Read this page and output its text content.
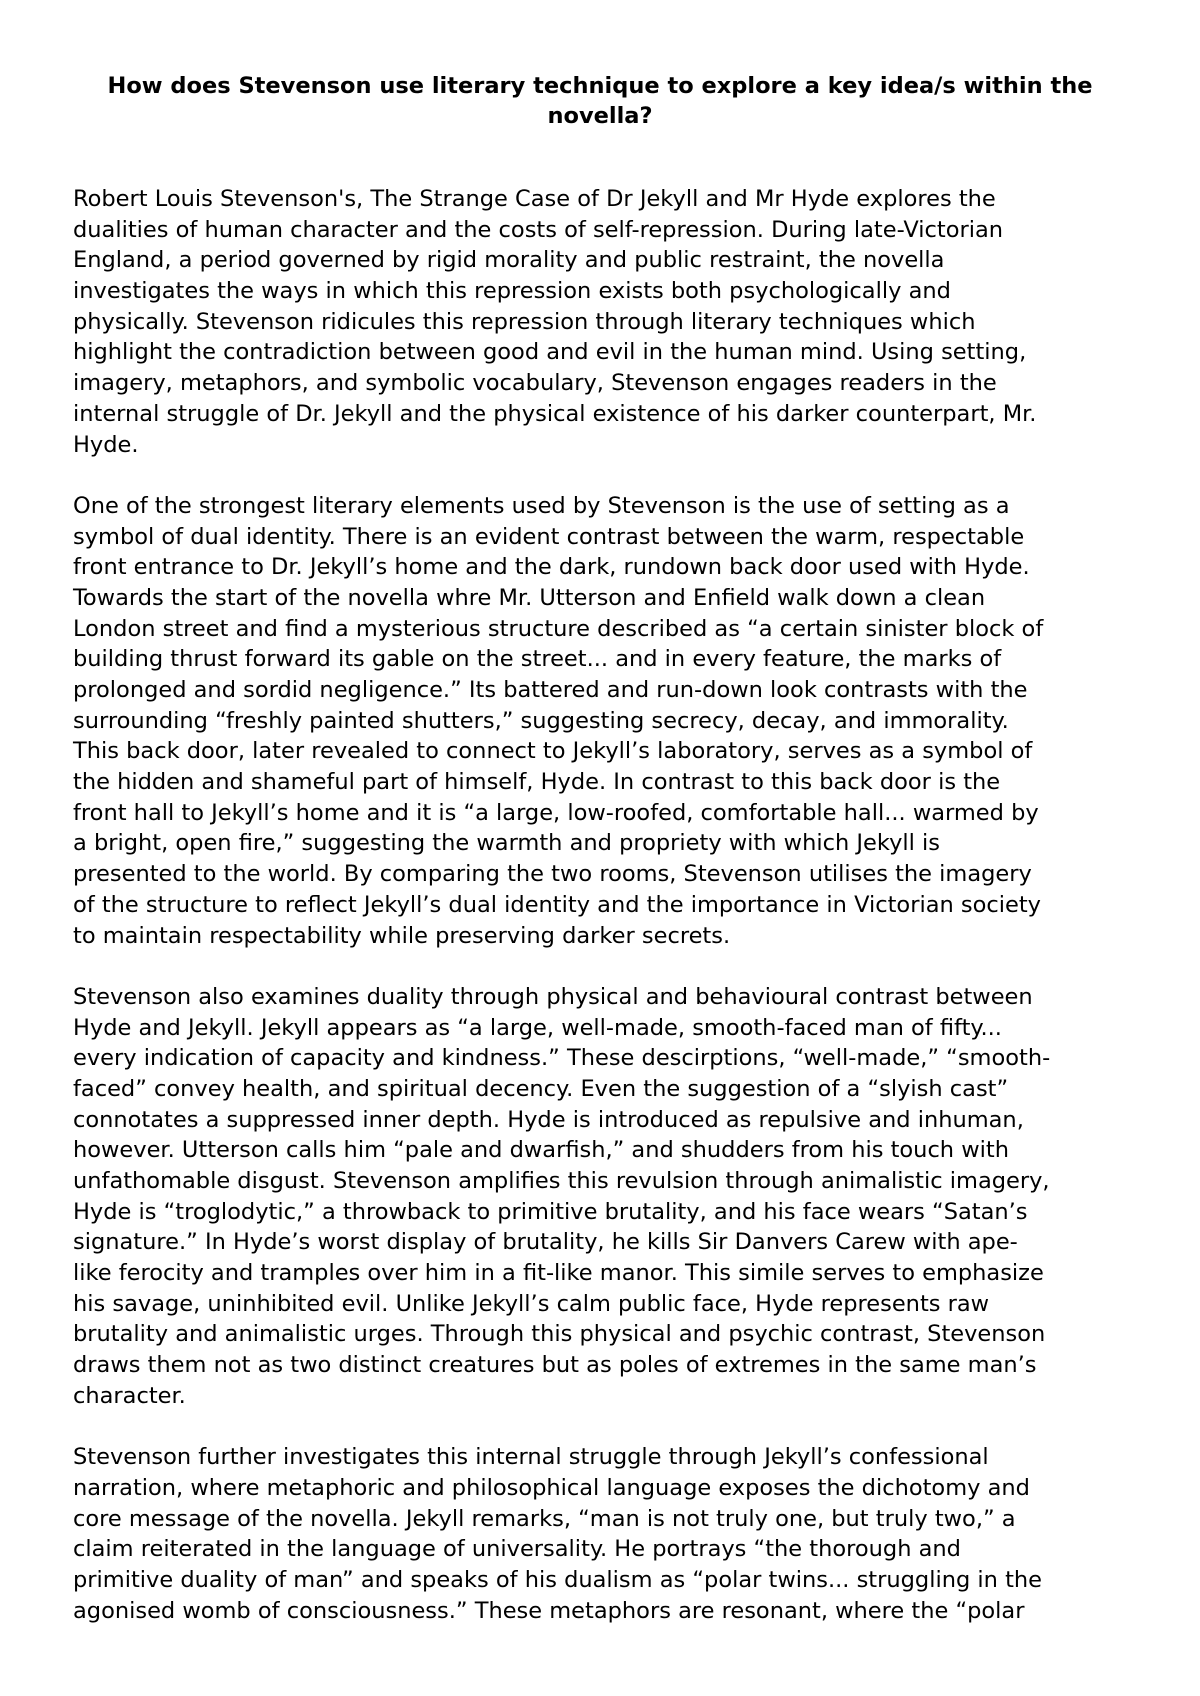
How does Stevenson use literary technique to explore a key idea/s within the novella?

Robert Louis Stevenson's, The Strange Case of Dr Jekyll and Mr Hyde explores the
dualities of human character and the costs of self-repression. During late-Victorian
England, a period governed by rigid morality and public restraint, the novella
investigates the ways in which this repression exists both psychologically and
physically. Stevenson ridicules this repression through literary techniques which
highlight the contradiction between good and evil in the human mind. Using setting,
imagery, metaphors, and symbolic vocabulary, Stevenson engages readers in the
internal struggle of Dr. Jekyll and the physical existence of his darker counterpart, Mr.
Hyde.

One of the strongest literary elements used by Stevenson is the use of setting as a
symbol of dual identity. There is an evident contrast between the warm, respectable
front entrance to Dr. Jekyll’s home and the dark, rundown back door used with Hyde.
Towards the start of the novella whre Mr. Utterson and Enfield walk down a clean
London street and find a mysterious structure described as “a certain sinister block of
building thrust forward its gable on the street... and in every feature, the marks of
prolonged and sordid negligence.” Its battered and run-down look contrasts with the
surrounding “freshly painted shutters,” suggesting secrecy, decay, and immorality.
This back door, later revealed to connect to Jekyll’s laboratory, serves as a symbol of
the hidden and shameful part of himself, Hyde. In contrast to this back door is the
front hall to Jekyll’s home and it is “a large, low-roofed, comfortable hall... warmed by
a bright, open fire,” suggesting the warmth and propriety with which Jekyll is
presented to the world. By comparing the two rooms, Stevenson utilises the imagery
of the structure to reflect Jekyll’s dual identity and the importance in Victorian society
to maintain respectability while preserving darker secrets.

Stevenson also examines duality through physical and behavioural contrast between
Hyde and Jekyll. Jekyll appears as “a large, well-made, smooth-faced man of fifty...
every indication of capacity and kindness.” These descirptions, “well-made,” “smooth-
faced” convey health, and spiritual decency. Even the suggestion of a “slyish cast”
connotates a suppressed inner depth. Hyde is introduced as repulsive and inhuman,
however. Utterson calls him “pale and dwarfish,” and shudders from his touch with
unfathomable disgust. Stevenson amplifies this revulsion through animalistic imagery,
Hyde is “troglodytic,” a throwback to primitive brutality, and his face wears “Satan’s
signature.” In Hyde’s worst display of brutality, he kills Sir Danvers Carew with ape-
like ferocity and tramples over him in a fit-like manor. This simile serves to emphasize
his savage, uninhibited evil. Unlike Jekyll’s calm public face, Hyde represents raw
brutality and animalistic urges. Through this physical and psychic contrast, Stevenson
draws them not as two distinct creatures but as poles of extremes in the same man’s
character.

Stevenson further investigates this internal struggle through Jekyll’s confessional
narration, where metaphoric and philosophical language exposes the dichotomy and
core message of the novella. Jekyll remarks, “man is not truly one, but truly two,” a
claim reiterated in the language of universality. He portrays “the thorough and
primitive duality of man” and speaks of his dualism as “polar twins... struggling in the
agonised womb of consciousness.” These metaphors are resonant, where the “polar
